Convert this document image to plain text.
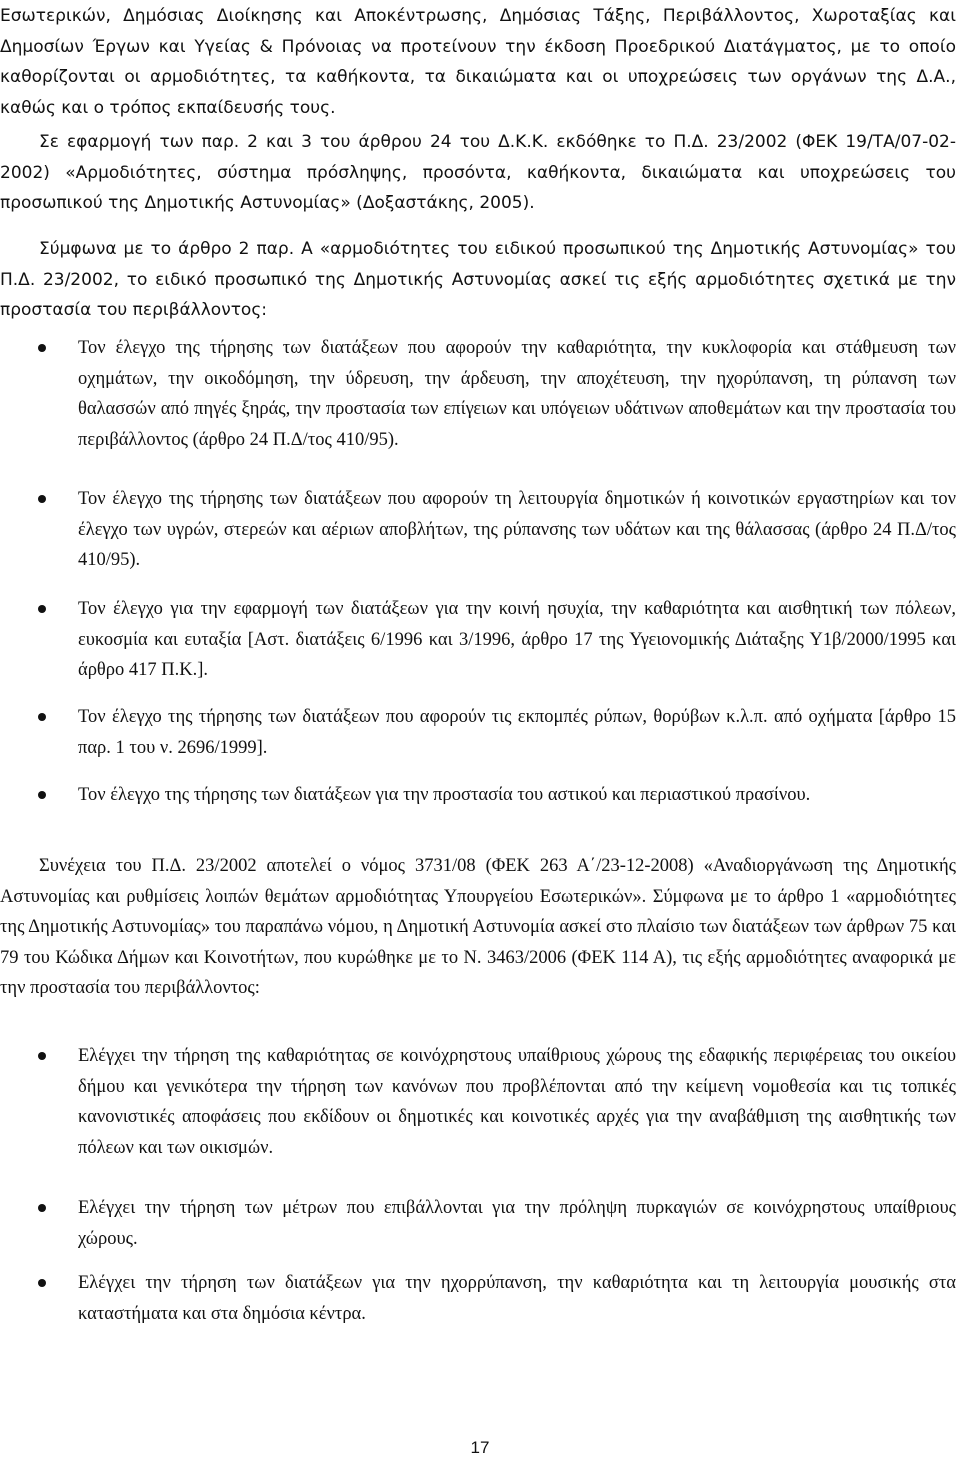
Εσωτερικών, Δημόσιας Διοίκησης και Αποκέντρωσης, Δημόσιας Τάξης, Περιβάλλοντος, Χωροταξίας και Δημοσίων Έργων και Υγείας & Πρόνοιας να προτείνουν την έκδοση Προεδρικού Διατάγματος, με το οποίο καθορίζονται οι αρμοδιότητες, τα καθήκοντα, τα δικαιώματα και οι υποχρεώσεις των οργάνων της Δ.Α., καθώς και ο τρόπος εκπαίδευσής τους.

Σε εφαρμογή των παρ. 2 και 3 του άρθρου 24 του Δ.Κ.Κ. εκδόθηκε το Π.Δ. 23/2002 (ΦΕΚ 19/ΤΑ/07-02-2002) «Αρμοδιότητες, σύστημα πρόσληψης, προσόντα, καθήκοντα, δικαιώματα και υποχρεώσεις του προσωπικού της Δημοτικής Αστυνομίας» (Δοξαστάκης, 2005).

Σύμφωνα με το άρθρο 2 παρ. Α «αρμοδιότητες του ειδικού προσωπικού της Δημοτικής Αστυνομίας» του Π.Δ. 23/2002, το ειδικό προσωπικό της Δημοτικής Αστυνομίας ασκεί τις εξής αρμοδιότητες σχετικά με την προστασία του περιβάλλοντος:

Τον έλεγχο της τήρησης των διατάξεων που αφορούν την καθαριότητα, την κυκλοφορία και στάθμευση των οχημάτων, την οικοδόμηση, την ύδρευση, την άρδευση, την αποχέτευση, την ηχορύπανση, τη ρύπανση των θαλασσών από πηγές ξηράς, την προστασία των επίγειων και υπόγειων υδάτινων αποθεμάτων και την προστασία του περιβάλλοντος (άρθρο 24 Π.Δ/τος 410/95).

Τον έλεγχο της τήρησης των διατάξεων που αφορούν τη λειτουργία δημοτικών ή κοινοτικών εργαστηρίων και τον έλεγχο των υγρών, στερεών και αέριων αποβλήτων, της ρύπανσης των υδάτων και της θάλασσας (άρθρο 24 Π.Δ/τος 410/95).

Τον έλεγχο για την εφαρμογή των διατάξεων για την κοινή ησυχία, την καθαριότητα και αισθητική των πόλεων, ευκοσμία και ευταξία [Αστ. διατάξεις 6/1996 και 3/1996, άρθρο 17 της Υγειονομικής Διάταξης Υ1β/2000/1995 και άρθρο 417 Π.Κ.].

Τον έλεγχο της τήρησης των διατάξεων που αφορούν τις εκπομπές ρύπων, θορύβων κ.λ.π. από οχήματα [άρθρο 15 παρ. 1 του ν. 2696/1999].

Τον έλεγχο της τήρησης των διατάξεων για την προστασία του αστικού και περιαστικού πρασίνου.

Συνέχεια του Π.Δ. 23/2002 αποτελεί ο νόμος 3731/08 (ΦΕΚ 263 Α΄/23-12-2008) «Αναδιοργάνωση της Δημοτικής Αστυνομίας και ρυθμίσεις λοιπών θεμάτων αρμοδιότητας Υπουργείου Εσωτερικών». Σύμφωνα με το άρθρο 1 «αρμοδιότητες της Δημοτικής Αστυνομίας» του παραπάνω νόμου, η Δημοτική Αστυνομία ασκεί στο πλαίσιο των διατάξεων των άρθρων 75 και 79 του Κώδικα Δήμων και Κοινοτήτων, που κυρώθηκε με το Ν. 3463/2006 (ΦΕΚ 114 Α), τις εξής αρμοδιότητες αναφορικά με την προστασία του περιβάλλοντος:

Ελέγχει την τήρηση της καθαριότητας σε κοινόχρηστους υπαίθριους χώρους της εδαφικής περιφέρειας του οικείου δήμου και γενικότερα την τήρηση των κανόνων που προβλέπονται από την κείμενη νομοθεσία και τις τοπικές κανονιστικές αποφάσεις που εκδίδουν οι δημοτικές και κοινοτικές αρχές για την αναβάθμιση της αισθητικής των πόλεων και των οικισμών.

Ελέγχει την τήρηση των μέτρων που επιβάλλονται για την πρόληψη πυρκαγιών σε κοινόχρηστους υπαίθριους χώρους.

Ελέγχει την τήρηση των διατάξεων για την ηχορρύπανση, την καθαριότητα και τη λειτουργία μουσικής στα καταστήματα και στα δημόσια κέντρα.

17
